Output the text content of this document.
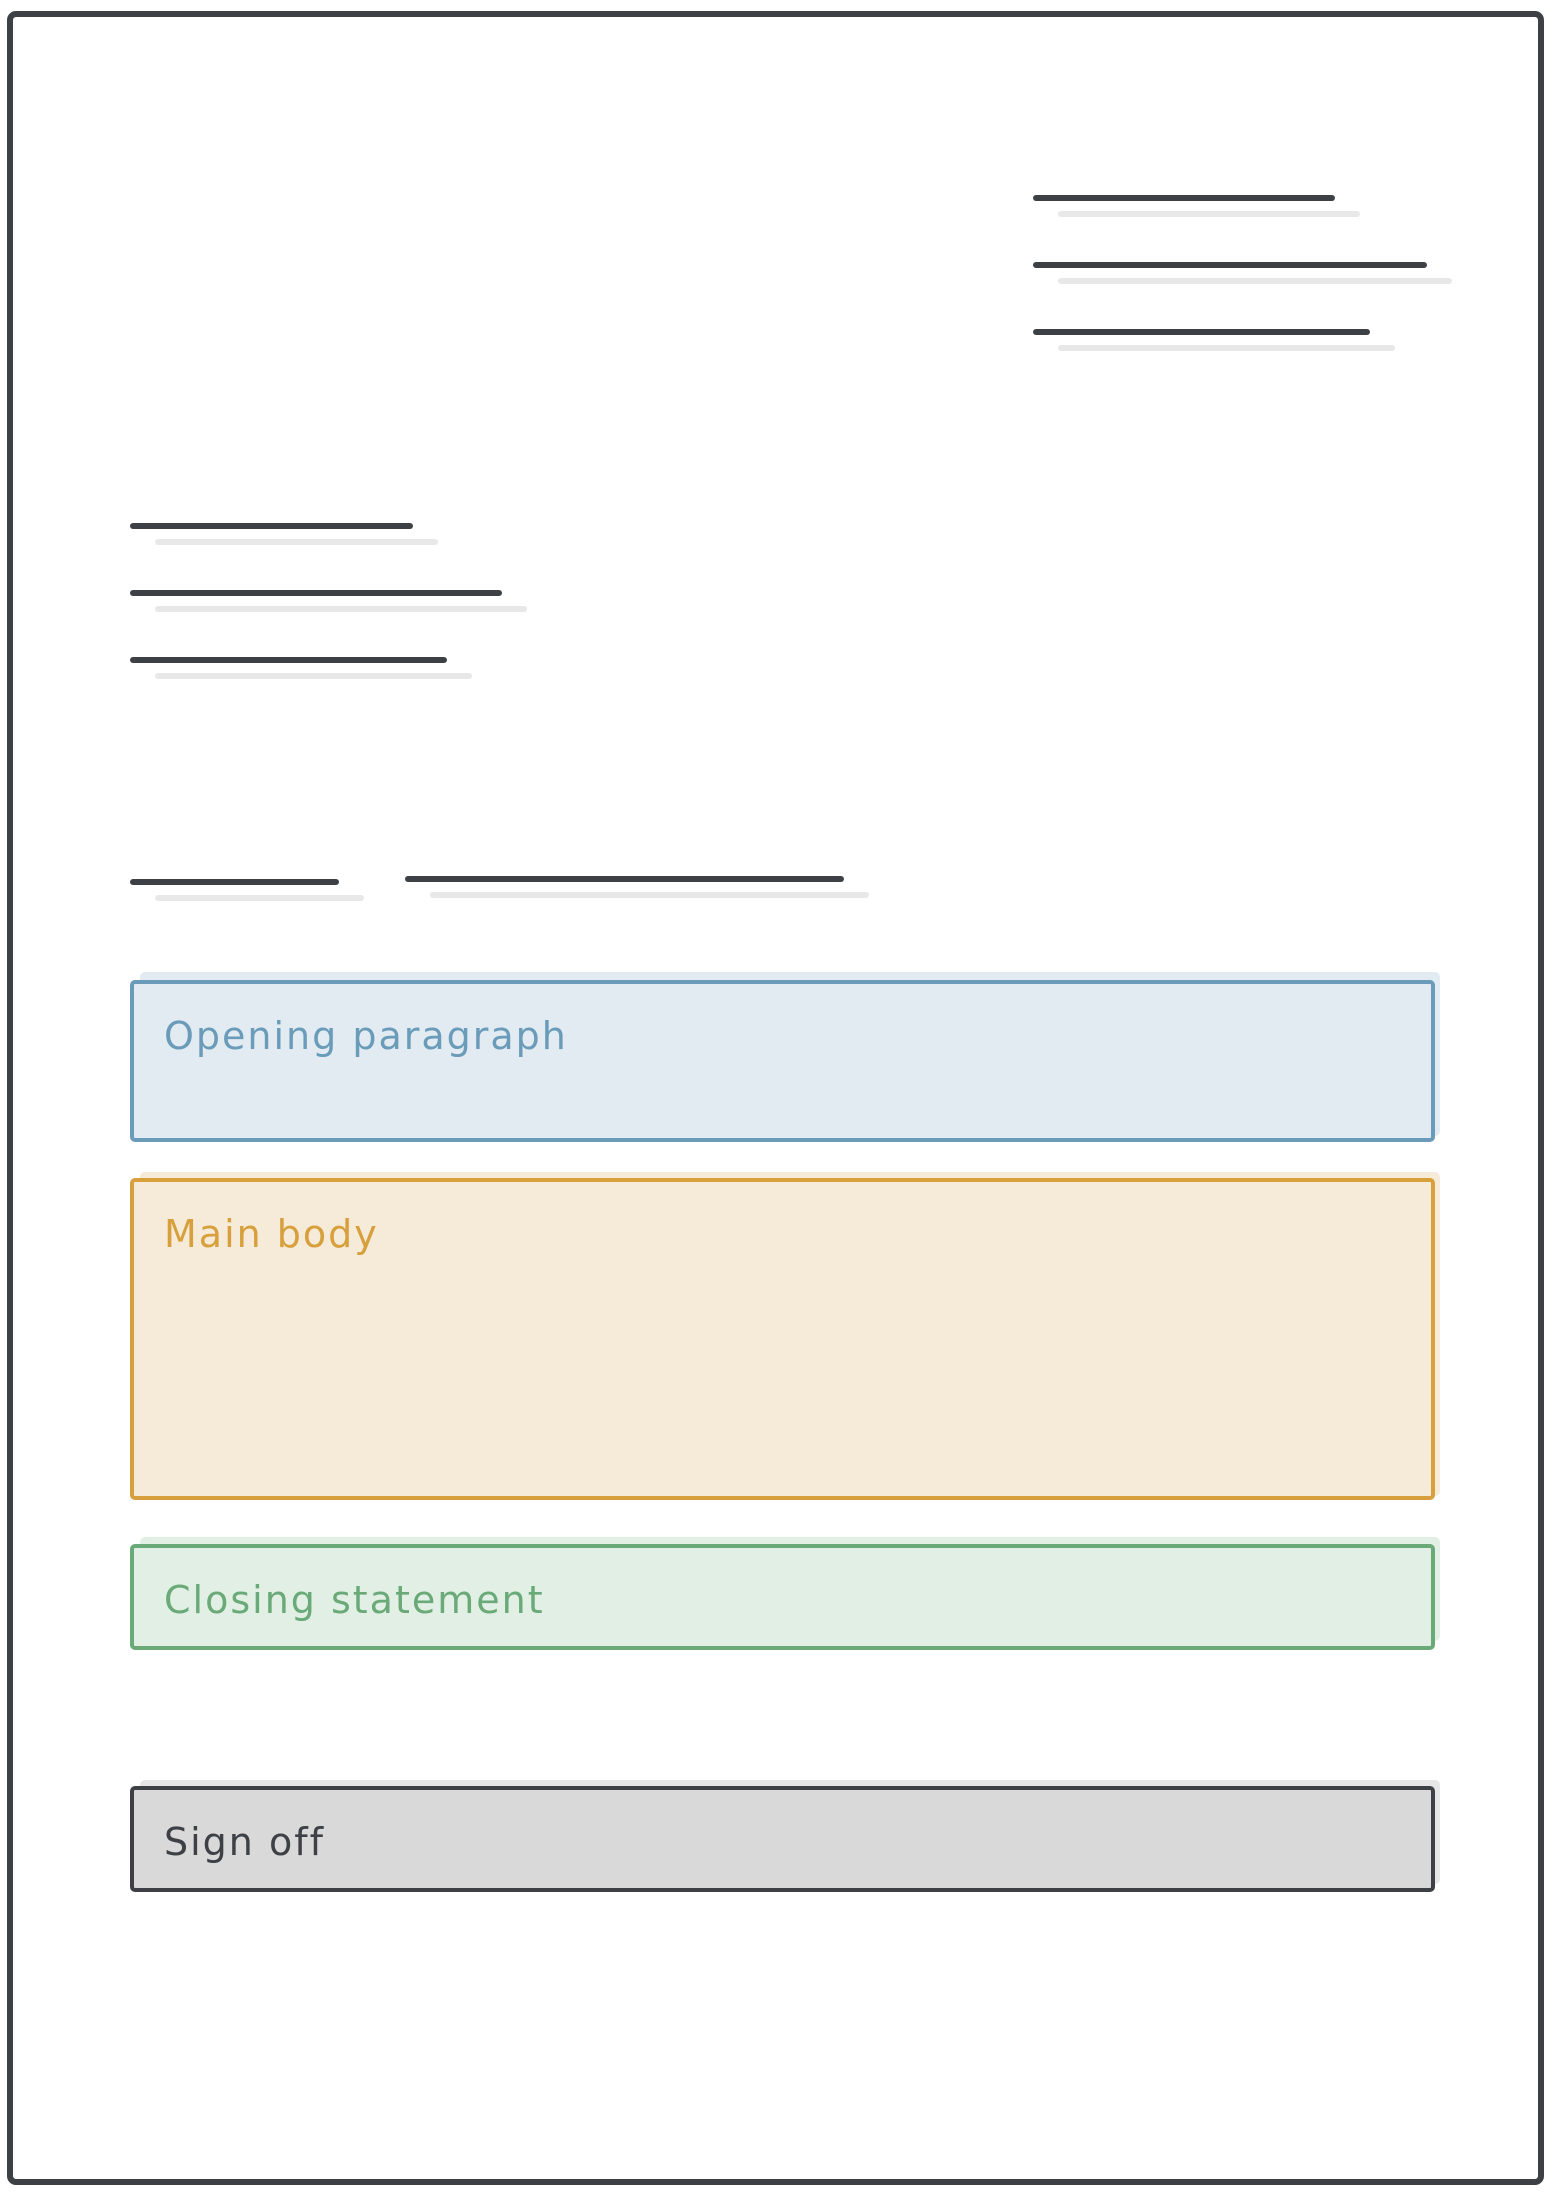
Opening paragraph
Main body
Closing statement
Sign off
